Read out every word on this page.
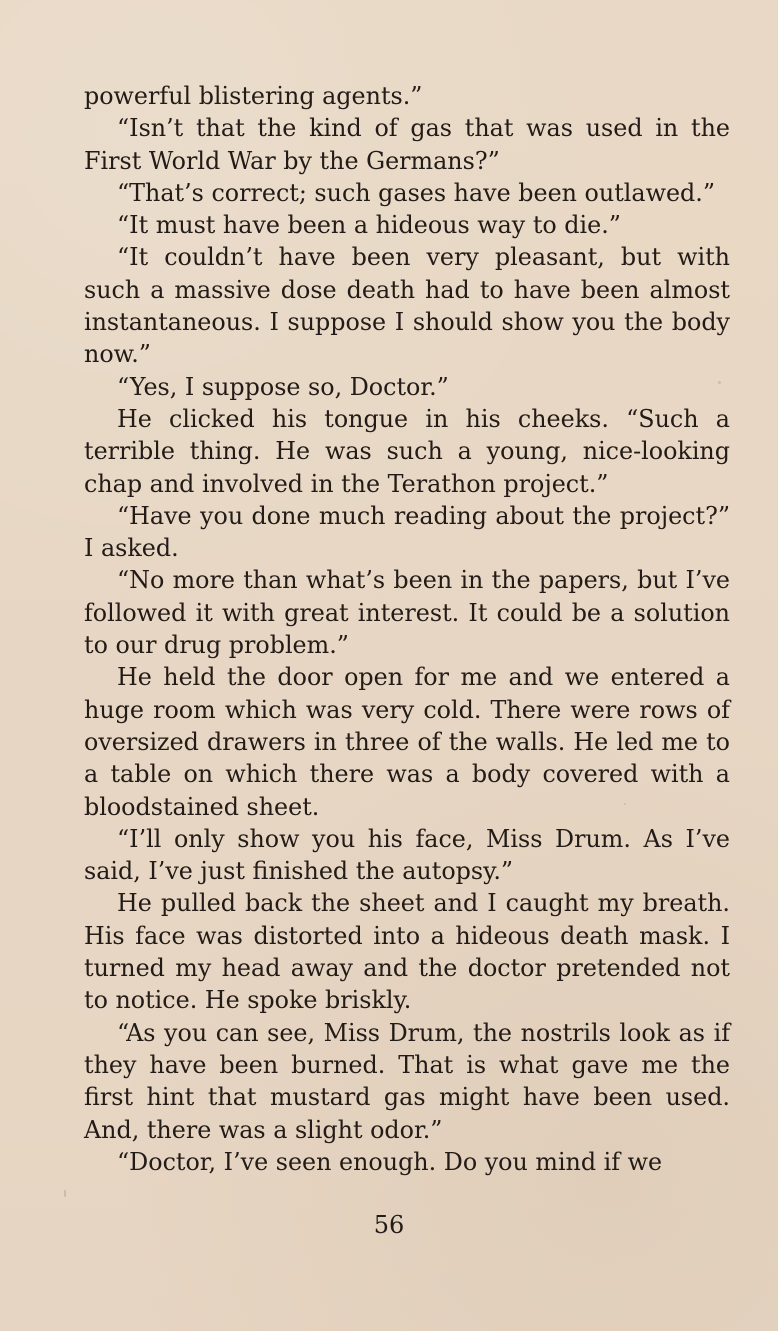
powerful blistering agents.”

“Isn’t that the kind of gas that was used in the First World War by the Germans?”

“That’s correct; such gases have been outlawed.”

“It must have been a hideous way to die.”

“It couldn’t have been very pleasant, but with such a massive dose death had to have been almost instantaneous. I suppose I should show you the body now.”

“Yes, I suppose so, Doctor.”

He clicked his tongue in his cheeks. “Such a terrible thing. He was such a young, nice-looking chap and involved in the Terathon project.”

“Have you done much reading about the project?” I asked.

“No more than what’s been in the papers, but I’ve followed it with great interest. It could be a solution to our drug problem.”

He held the door open for me and we entered a huge room which was very cold. There were rows of oversized drawers in three of the walls. He led me to a table on which there was a body covered with a bloodstained sheet.

“I’ll only show you his face, Miss Drum. As I’ve said, I’ve just finished the autopsy.”

He pulled back the sheet and I caught my breath. His face was distorted into a hideous death mask. I turned my head away and the doctor pretended not to notice. He spoke briskly.

“As you can see, Miss Drum, the nostrils look as if they have been burned. That is what gave me the first hint that mustard gas might have been used. And, there was a slight odor.”

“Doctor, I’ve seen enough. Do you mind if we

56
